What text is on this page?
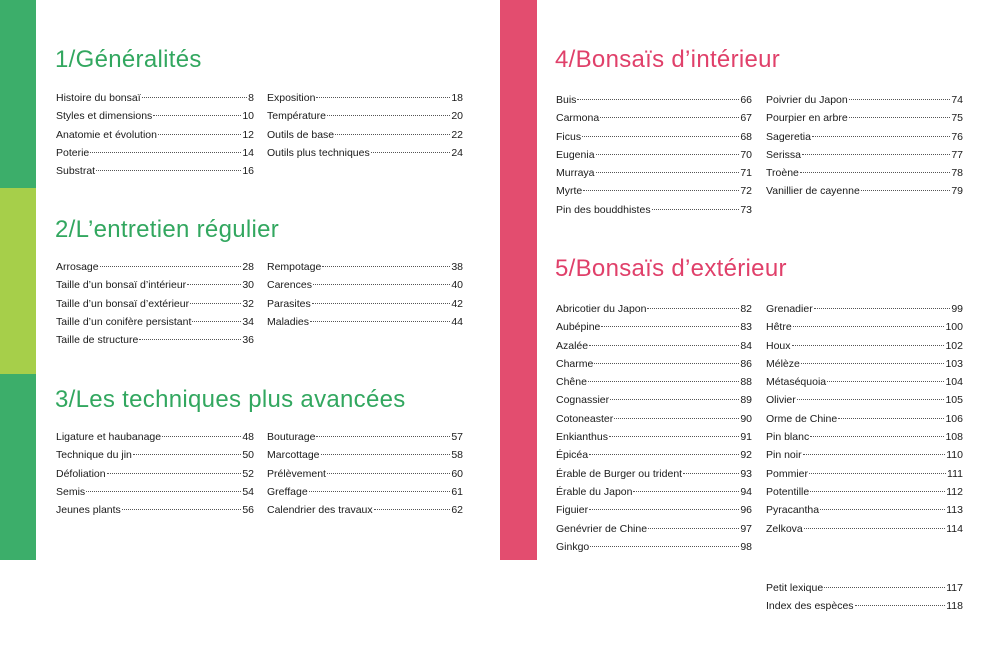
1/Généralités
Histoire du bonsaï	8
Styles et dimensions	10
Anatomie et évolution	12
Poterie	14
Substrat	16
Exposition	18
Température	20
Outils de base	22
Outils plus techniques	24
2/L’entretien régulier
Arrosage	28
Taille d’un bonsaï d’intérieur	30
Taille d’un bonsaï d’extérieur	32
Taille d’un conifère persistant	34
Taille de structure	36
Rempotage	38
Carences	40
Parasites	42
Maladies	44
3/Les techniques plus avancées
Ligature et haubanage	48
Technique du jin	50
Défoliation	52
Semis	54
Jeunes plants	56
Bouturage	57
Marcottage	58
Prélèvement	60
Greffage	61
Calendrier des travaux	62
4/Bonsaïs d’intérieur
Buis	66
Carmona	67
Ficus	68
Eugenia	70
Murraya	71
Myrte	72
Pin des bouddhistes	73
Poivrier du Japon	74
Pourpier en arbre	75
Sageretia	76
Serissa	77
Troène	78
Vanillier de cayenne	79
5/Bonsaïs d’extérieur
Abricotier du Japon	82
Aubépine	83
Azalée	84
Charme	86
Chêne	88
Cognassier	89
Cotoneaster	90
Enkianthus	91
Épicéa	92
Érable de Burger ou trident	93
Érable du Japon	94
Figuier	96
Genévrier de Chine	97
Ginkgo	98
Grenadier	99
Hêtre	100
Houx	102
Mélèze	103
Métaséquoia	104
Olivier	105
Orme de Chine	106
Pin blanc	108
Pin noir	110
Pommier	111
Potentille	112
Pyracantha	113
Zelkova	114
Petit lexique	117
Index des espèces	118
